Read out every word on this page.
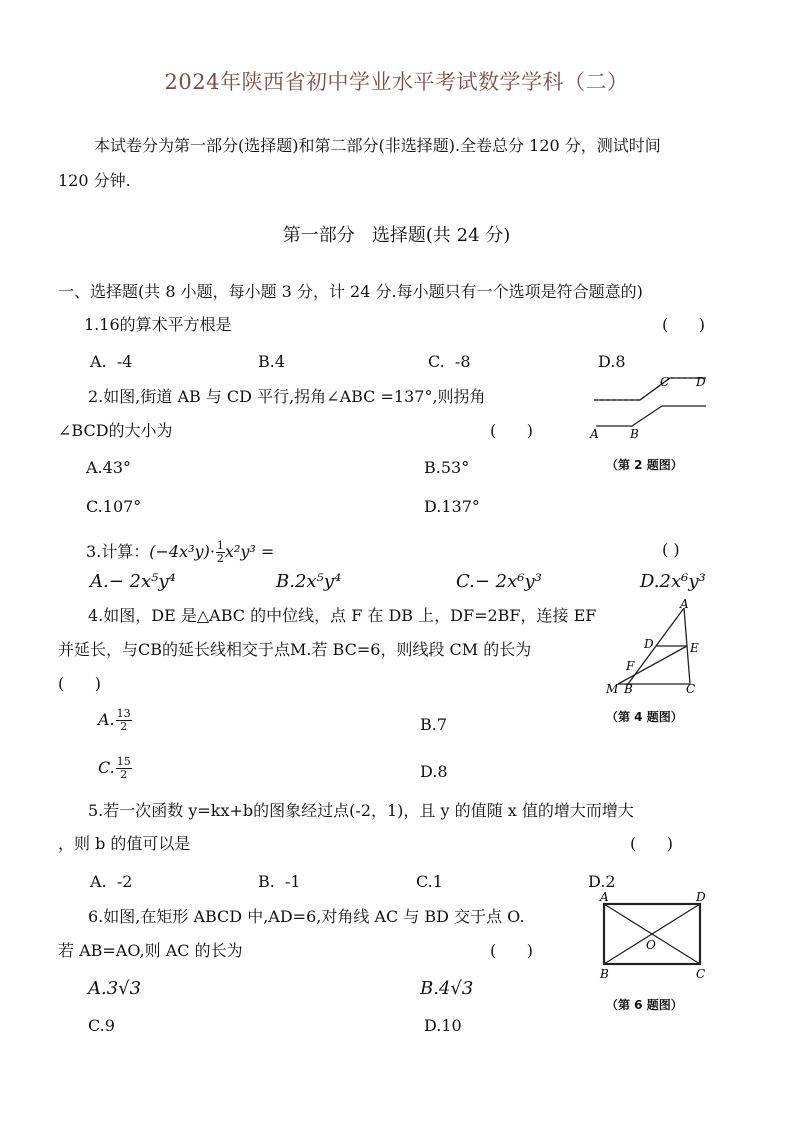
2024年陕西省初中学业水平考试数学学科（二）
本试卷分为第一部分(选择题)和第二部分(非选择题).全卷总分 120 分，测试时间
120 分钟.
第一部分   选择题(共 24 分)
一、选择题(共 8 小题，每小题 3 分，计 24 分.每小题只有一个选项是符合题意的)
1.16的算术平方根是	(      )
A.  -4	B.4	C.  -8	D.8
2.如图,街道 AB 与 CD 平行,拐角∠ABC =137°,则拐角
∠BCD的大小为	(      )
A.43°	B.53°
C.107°	D.137°
A	B
C D
（第 2 题图）
3.计算：$(-4x^3y)\cdot \frac{1}{2} x^2y^3$ =	( )
A.− 2x⁵y⁴	B.2x⁵y⁴	C.− 2x⁶y³	D.2x⁶y³
4.如图，DE 是△ABC 的中位线，点 F 在 DB 上，DF=2BF，连接 EF
并延长，与CB的延长线相交于点M.若 BC=6，则线段 CM 的长为
(      )
A. $\frac{13}{2}$	B.7
C. $\frac{15}{2}$	D.8
A
D	E
F
M B	C
（第 4 题图）
5.若一次函数 y=kx+b的图象经过点(-2，1)，且 y 的值随 x 值的增大而增大
，则 b 的值可以是	(      )
A.  -2	B.  -1	C.1	D.2
6.如图,在矩形 ABCD 中,AD=6,对角线 AC 与 BD 交于点 O.
若 AB=AO,则 AC 的长为	(      )
A.3√3	B.4√3
C.9	D.10
A	D
O
B	C
（第 6 题图）
